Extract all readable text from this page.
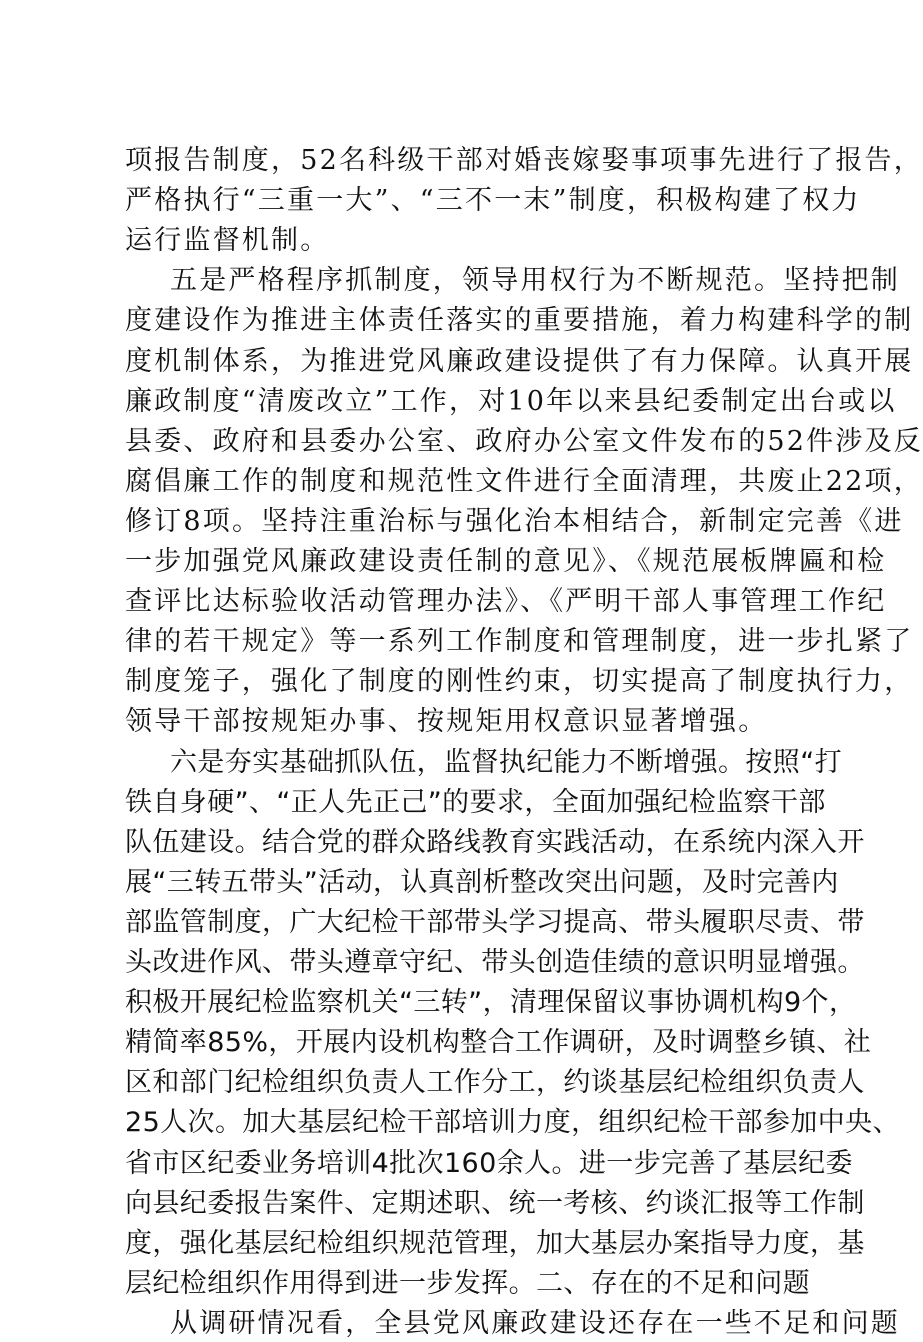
项报告制度，52名科级干部对婚丧嫁娶事项事先进行了报告，
严格执行“三重一大”、“三不一末”制度，积极构建了权力
运行监督机制。
五是严格程序抓制度，领导用权行为不断规范。坚持把制
度建设作为推进主体责任落实的重要措施，着力构建科学的制
度机制体系，为推进党风廉政建设提供了有力保障。认真开展
廉政制度“清废改立”工作，对10年以来县纪委制定出台或以
县委、政府和县委办公室、政府办公室文件发布的52件涉及反
腐倡廉工作的制度和规范性文件进行全面清理，共废止22项，
修订8项。坚持注重治标与强化治本相结合，新制定完善《进
一步加强党风廉政建设责任制的意见》、《规范展板牌匾和检
查评比达标验收活动管理办法》、《严明干部人事管理工作纪
律的若干规定》等一系列工作制度和管理制度，进一步扎紧了
制度笼子，强化了制度的刚性约束，切实提高了制度执行力，
领导干部按规矩办事、按规矩用权意识显著增强。
六是夯实基础抓队伍，监督执纪能力不断增强。按照“打
铁自身硬”、“正人先正己”的要求，全面加强纪检监察干部
队伍建设。结合党的群众路线教育实践活动，在系统内深入开
展“三转五带头”活动，认真剖析整改突出问题，及时完善内
部监管制度，广大纪检干部带头学习提高、带头履职尽责、带
头改进作风、带头遵章守纪、带头创造佳绩的意识明显增强。
积极开展纪检监察机关“三转”，清理保留议事协调机构9个，
精简率85%，开展内设机构整合工作调研，及时调整乡镇、社
区和部门纪检组织负责人工作分工，约谈基层纪检组织负责人
25人次。加大基层纪检干部培训力度，组织纪检干部参加中央、
省市区纪委业务培训4批次160余人。进一步完善了基层纪委
向县纪委报告案件、定期述职、统一考核、约谈汇报等工作制
度，强化基层纪检组织规范管理，加大基层办案指导力度，基
层纪检组织作用得到进一步发挥。二、存在的不足和问题
从调研情况看，全县党风廉政建设还存在一些不足和问题
